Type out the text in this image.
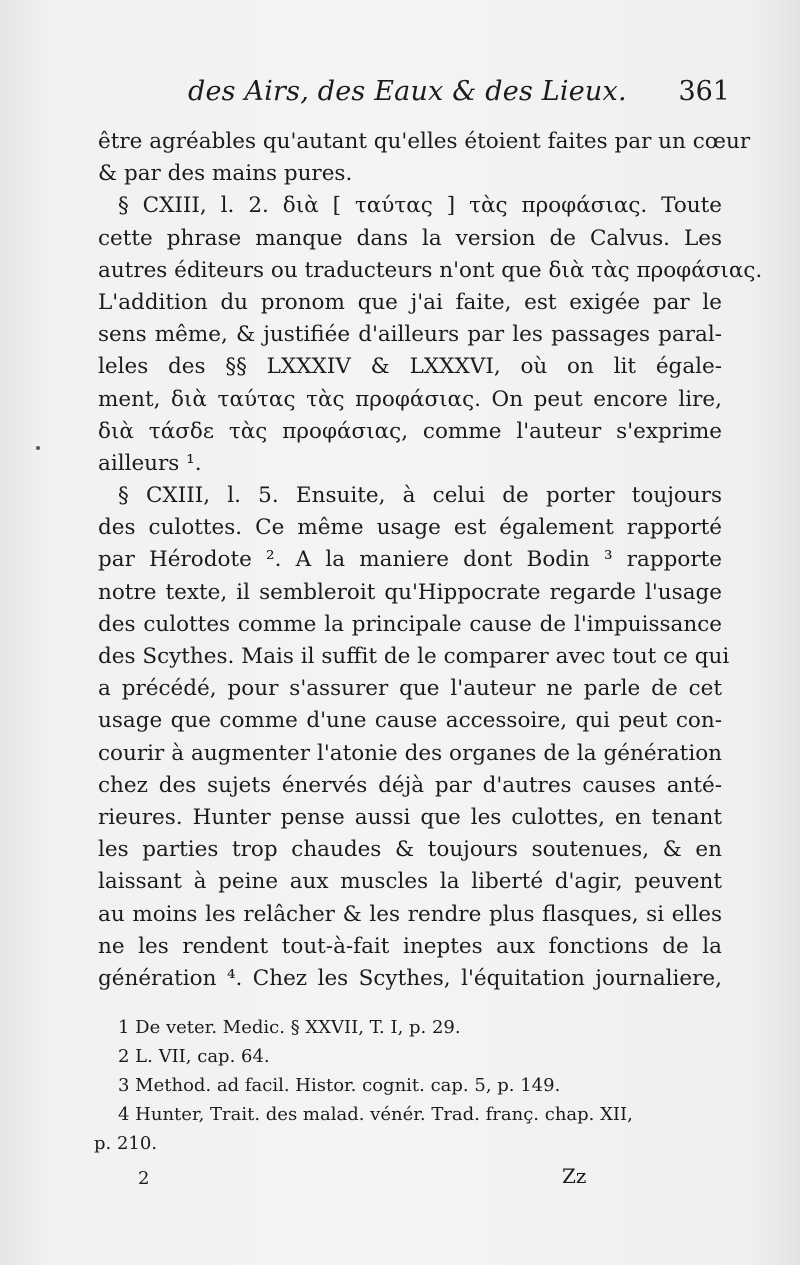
des Airs, des Eaux & des Lieux. 361
être agréables qu'autant qu'elles étoient faites par un cœur
& par des mains pures.
§ CXIII, l. 2. διὰ [ ταύτας ] τὰς προφάσιας. Toute
cette phrase manque dans la version de Calvus. Les
autres éditeurs ou traducteurs n'ont que διὰ τὰς προφάσιας.
L'addition du pronom que j'ai faite, est exigée par le
sens même, & justifiée d'ailleurs par les passages paral-
leles des §§ LXXXIV & LXXXVI, où on lit égale-
ment, διὰ ταύτας τὰς προφάσιας. On peut encore lire,
διὰ τάσδε τὰς προφάσιας, comme l'auteur s'exprime
ailleurs ¹.
§ CXIII, l. 5. Ensuite, à celui de porter toujours
des culottes. Ce même usage est également rapporté
par Hérodote ². A la maniere dont Bodin ³ rapporte
notre texte, il sembleroit qu'Hippocrate regarde l'usage
des culottes comme la principale cause de l'impuissance
des Scythes. Mais il suffit de le comparer avec tout ce qui
a précédé, pour s'assurer que l'auteur ne parle de cet
usage que comme d'une cause accessoire, qui peut con-
courir à augmenter l'atonie des organes de la génération
chez des sujets énervés déjà par d'autres causes anté-
rieures. Hunter pense aussi que les culottes, en tenant
les parties trop chaudes & toujours soutenues, & en
laissant à peine aux muscles la liberté d'agir, peuvent
au moins les relâcher & les rendre plus flasques, si elles
ne les rendent tout-à-fait ineptes aux fonctions de la
génération ⁴. Chez les Scythes, l'équitation journaliere,
1 De veter. Medic. § XXVII, T. I, p. 29.
2 L. VII, cap. 64.
3 Method. ad facil. Histor. cognit. cap. 5, p. 149.
4 Hunter, Trait. des malad. vénér. Trad. franç. chap. XII,
p. 210.
2	Zz
